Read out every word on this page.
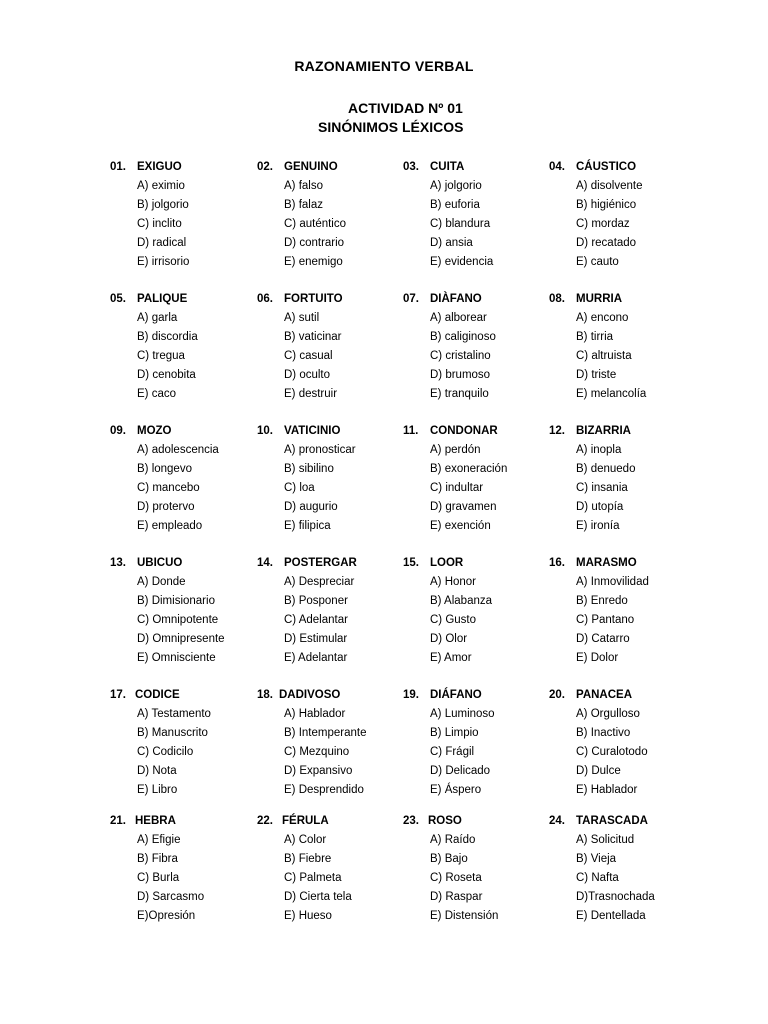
RAZONAMIENTO VERBAL
ACTIVIDAD Nº 01
SINÓNIMOS LÉXICOS
01. EXIGUO
A) eximio
B) jolgorio
C) inclito
D) radical
E) irrisorio
02. GENUINO
A) falso
B) falaz
C) auténtico
D) contrario
E) enemigo
03. CUITA
A) jolgorio
B) euforia
C) blandura
D) ansia
E) evidencia
04. CÁUSTICO
A) disolvente
B) higiénico
C) mordaz
D) recatado
E) cauto
05. PALIQUE
A) garla
B) discordia
C) tregua
D) cenobita
E) caco
06. FORTUITO
A) sutil
B) vaticinar
C) casual
D) oculto
E) destruir
07. DIÀFANO
A) alborear
B) caliginoso
C) cristalino
D) brumoso
E) tranquilo
08. MURRIA
A) encono
B) tirria
C) altruista
D) triste
E) melancolía
09. MOZO
A) adolescencia
B) longevo
C) mancebo
D) protervo
E) empleado
10. VATICINIO
A) pronosticar
B) sibilino
C) loa
D) augurio
E) filipica
11. CONDONAR
A) perdón
B) exoneración
C) indultar
D) gravamen
E) exención
12. BIZARRIA
A) inopla
B) denuedo
C) insania
D) utopía
E) ironía
13. UBICUO
A) Donde
B) Dimisionario
C) Omnipotente
D) Omnipresente
E) Omnisciente
14. POSTERGAR
A) Despreciar
B) Posponer
C) Adelantar
D) Estimular
E) Adelantar
15. LOOR
A) Honor
B) Alabanza
C) Gusto
D) Olor
E) Amor
16. MARASMO
A) Inmovilidad
B) Enredo
C) Pantano
D) Catarro
E) Dolor
17. CODICE
A) Testamento
B) Manuscrito
C) Codicilo
D) Nota
E) Libro
18. DADIVOSO
A) Hablador
B) Intemperante
C) Mezquino
D) Expansivo
E) Desprendido
19. DIÁFANO
A) Luminoso
B) Limpio
C) Frágil
D) Delicado
E) Áspero
20. PANACEA
A) Orgulloso
B) Inactivo
C) Curalotodo
D) Dulce
E) Hablador
21. HEBRA
A) Efigie
B) Fibra
C) Burla
D) Sarcasmo
E)Opresión
22. FÉRULA
A) Color
B) Fiebre
C) Palmeta
D) Cierta tela
E) Hueso
23. ROSO
A) Raído
B) Bajo
C) Roseta
D) Raspar
E) Distensión
24. TARASCADA
A) Solicitud
B) Vieja
C) Nafta
D)Trasnochada
E) Dentellada
